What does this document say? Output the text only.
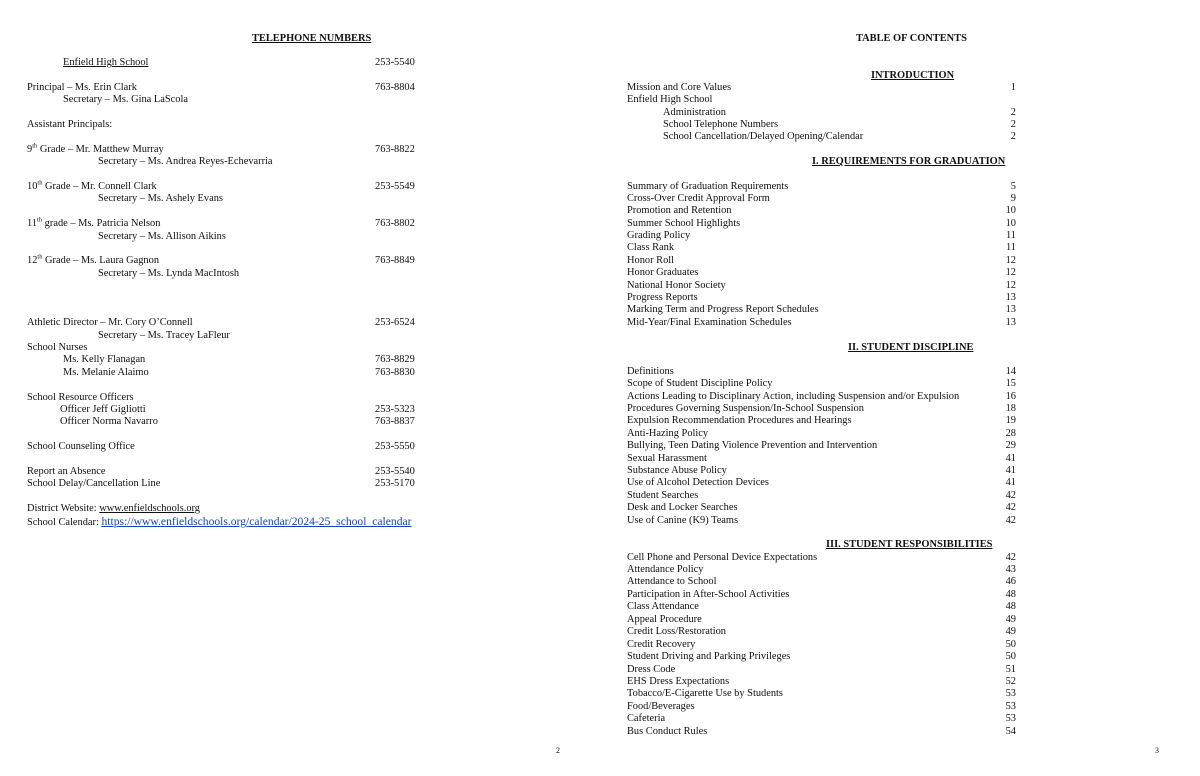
TELEPHONE NUMBERS
Enfield High School	253-5540
Principal – Ms. Erin Clark	763-8804
Secretary – Ms. Gina LaScola
Assistant Principals:
9th Grade – Mr. Matthew Murray	763-8822
Secretary – Ms. Andrea Reyes-Echevarria
10th Grade – Mr. Connell Clark	253-5549
Secretary – Ms. Ashely Evans
11th grade – Ms. Patricia Nelson	763-8802
Secretary – Ms. Allison Aikins
12th Grade – Ms. Laura Gagnon	763-8849
Secretary – Ms. Lynda MacIntosh
Athletic Director – Mr. Cory O’Connell	253-6524
Secretary – Ms. Tracey LaFleur
School Nurses
Ms. Kelly Flanagan	763-8829
Ms. Melanie Alaimo	763-8830
School Resource Officers
Officer Jeff Gigliotti	253-5323
Officer Norma Navarro	763-8837
School Counseling Office	253-5550
Report an Absence	253-5540
School Delay/Cancellation Line	253-5170
District Website: www.enfieldschools.org
School Calendar: https://www.enfieldschools.org/calendar/2024-25_school_calendar
2
TABLE OF CONTENTS
INTRODUCTION
Mission and Core Values	1
Enfield High School
Administration	2
School Telephone Numbers	2
School Cancellation/Delayed Opening/Calendar	2
I. REQUIREMENTS FOR GRADUATION
Summary of Graduation Requirements	5
Cross-Over Credit Approval Form	9
Promotion and Retention	10
Summer School Highlights	10
Grading Policy	11
Class Rank	11
Honor Roll	12
Honor Graduates	12
National Honor Society	12
Progress Reports	13
Marking Term and Progress Report Schedules	13
Mid-Year/Final Examination Schedules	13
II. STUDENT DISCIPLINE
Definitions	14
Scope of Student Discipline Policy	15
Actions Leading to Disciplinary Action, including Suspension and/or Expulsion	16
Procedures Governing Suspension/In-School Suspension	18
Expulsion Recommendation Procedures and Hearings	19
Anti-Hazing Policy	28
Bullying, Teen Dating Violence Prevention and Intervention	29
Sexual Harassment	41
Substance Abuse Policy	41
Use of Alcohol Detection Devices	41
Student Searches	42
Desk and Locker Searches	42
Use of Canine (K9) Teams	42
III. STUDENT RESPONSIBILITIES
Cell Phone and Personal Device Expectations	42
Attendance Policy	43
Attendance to School	46
Participation in After-School Activities	48
Class Attendance	48
Appeal Procedure	49
Credit Loss/Restoration	49
Credit Recovery	50
Student Driving and Parking Privileges	50
Dress Code	51
EHS Dress Expectations	52
Tobacco/E-Cigarette Use by Students	53
Food/Beverages	53
Cafeteria	53
Bus Conduct Rules	54
3
